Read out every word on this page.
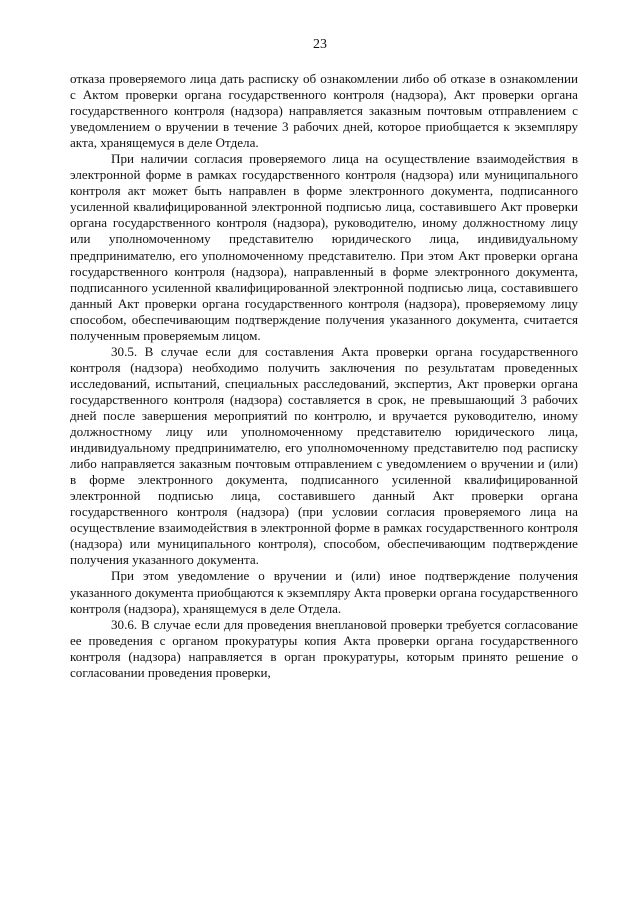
23

отказа проверяемого лица дать расписку об ознакомлении либо об отказе в ознакомлении с Актом проверки органа государственного контроля (надзора), Акт проверки органа государственного контроля (надзора) направляется заказным почтовым отправлением с уведомлением о вручении в течение 3 рабочих дней, которое приобщается к экземпляру акта, хранящемуся в деле Отдела.

При наличии согласия проверяемого лица на осуществление взаимодействия в электронной форме в рамках государственного контроля (надзора) или муниципального контроля акт может быть направлен в форме электронного документа, подписанного усиленной квалифицированной электронной подписью лица, составившего Акт проверки органа государственного контроля (надзора), руководителю, иному должностному лицу или уполномоченному представителю юридического лица, индивидуальному предпринимателю, его уполномоченному представителю. При этом Акт проверки органа государственного контроля (надзора), направленный в форме электронного документа, подписанного усиленной квалифицированной электронной подписью лица, составившего данный Акт проверки органа государственного контроля (надзора), проверяемому лицу способом, обеспечивающим подтверждение получения указанного документа, считается полученным проверяемым лицом.

30.5. В случае если для составления Акта проверки органа государственного контроля (надзора) необходимо получить заключения по результатам проведенных исследований, испытаний, специальных расследований, экспертиз, Акт проверки органа государственного контроля (надзора) составляется в срок, не превышающий 3 рабочих дней после завершения мероприятий по контролю, и вручается руководителю, иному должностному лицу или уполномоченному представителю юридического лица, индивидуальному предпринимателю, его уполномоченному представителю под расписку либо направляется заказным почтовым отправлением с уведомлением о вручении и (или) в форме электронного документа, подписанного усиленной квалифицированной электронной подписью лица, составившего данный Акт проверки органа государственного контроля (надзора) (при условии согласия проверяемого лица на осуществление взаимодействия в электронной форме в рамках государственного контроля (надзора) или муниципального контроля), способом, обеспечивающим подтверждение получения указанного документа.

При этом уведомление о вручении и (или) иное подтверждение получения указанного документа приобщаются к экземпляру Акта проверки органа государственного контроля (надзора), хранящемуся в деле Отдела.

30.6. В случае если для проведения внеплановой проверки требуется согласование ее проведения с органом прокуратуры копия Акта проверки органа государственного контроля (надзора) направляется в орган прокуратуры, которым принято решение о согласовании проведения проверки,
